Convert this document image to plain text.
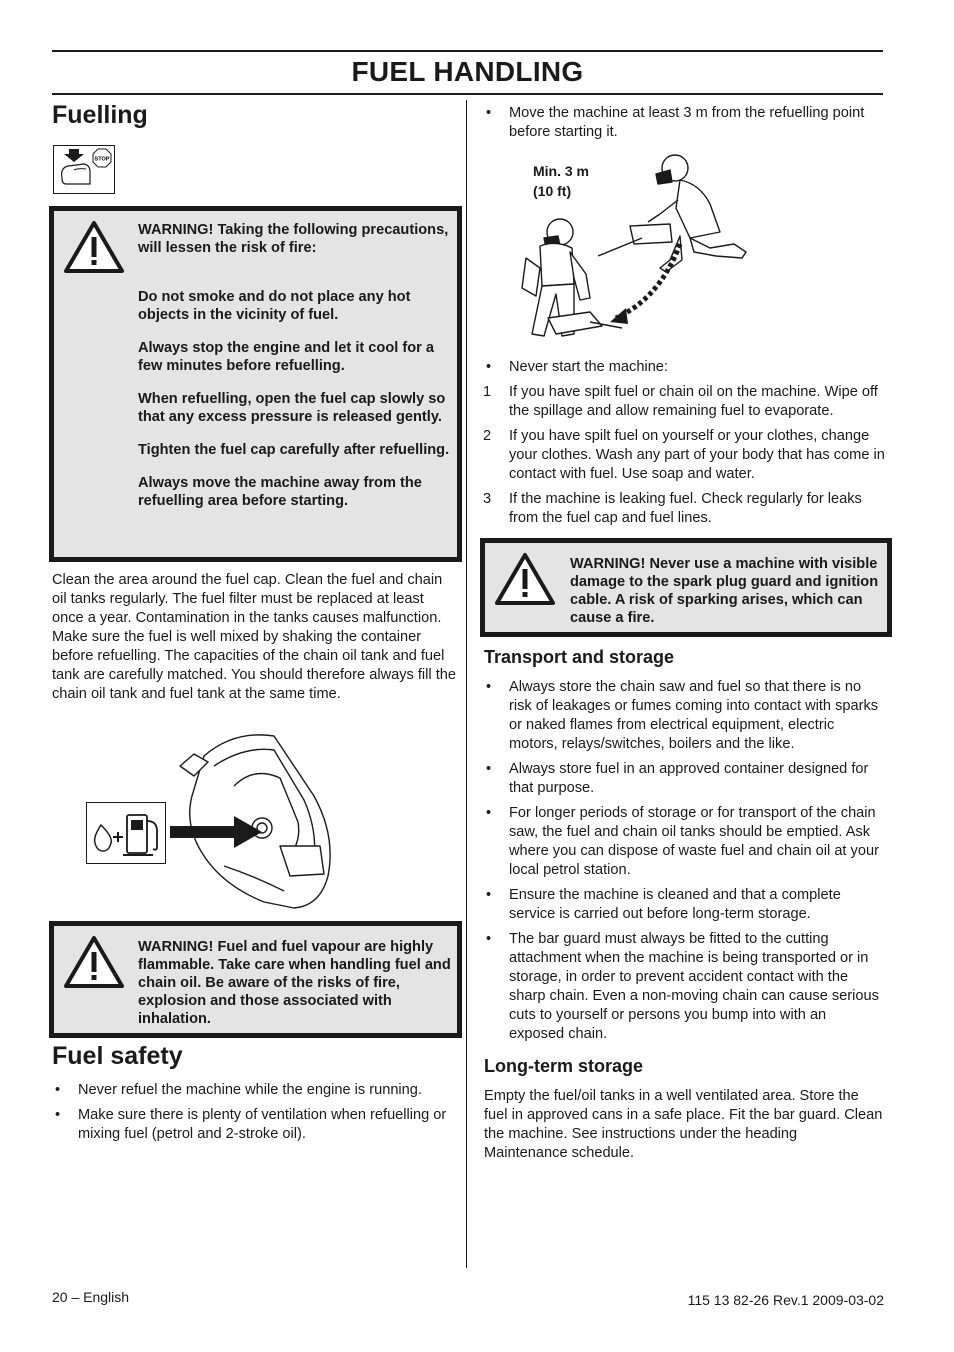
FUEL HANDLING
Fuelling
STOP

WARNING! Taking the following precautions, will lessen the risk of fire:

Do not smoke and do not place any hot objects in the vicinity of fuel.

Always stop the engine and let it cool for a few minutes before refuelling.

When refuelling, open the fuel cap slowly so that any excess pressure is released gently.

Tighten the fuel cap carefully after refuelling.

Always move the machine away from the refuelling area before starting.

Clean the area around the fuel cap. Clean the fuel and chain oil tanks regularly. The fuel filter must be replaced at least once a year. Contamination in the tanks causes malfunction. Make sure the fuel is well mixed by shaking the container before refuelling. The capacities of the chain oil tank and fuel tank are carefully matched. You should therefore always fill the chain oil tank and fuel tank at the same time.

WARNING! Fuel and fuel vapour are highly flammable. Take care when handling fuel and chain oil. Be aware of the risks of fire, explosion and those associated with inhalation.

Fuel safety
• Never refuel the machine while the engine is running.
• Make sure there is plenty of ventilation when refuelling or mixing fuel (petrol and 2-stroke oil).
• Move the machine at least 3 m from the refuelling point before starting it.
Min. 3 m
(10 ft)
• Never start the machine:
1 If you have spilt fuel or chain oil on the machine. Wipe off the spillage and allow remaining fuel to evaporate.
2 If you have spilt fuel on yourself or your clothes, change your clothes. Wash any part of your body that has come in contact with fuel. Use soap and water.
3 If the machine is leaking fuel. Check regularly for leaks from the fuel cap and fuel lines.

WARNING! Never use a machine with visible damage to the spark plug guard and ignition cable. A risk of sparking arises, which can cause a fire.

Transport and storage
• Always store the chain saw and fuel so that there is no risk of leakages or fumes coming into contact with sparks or naked flames from electrical equipment, electric motors, relays/switches, boilers and the like.
• Always store fuel in an approved container designed for that purpose.
• For longer periods of storage or for transport of the chain saw, the fuel and chain oil tanks should be emptied. Ask where you can dispose of waste fuel and chain oil at your local petrol station.
• Ensure the machine is cleaned and that a complete service is carried out before long-term storage.
• The bar guard must always be fitted to the cutting attachment when the machine is being transported or in storage, in order to prevent accident contact with the sharp chain. Even a non-moving chain can cause serious cuts to yourself or persons you bump into with an exposed chain.
Long-term storage

Empty the fuel/oil tanks in a well ventilated area. Store the fuel in approved cans in a safe place. Fit the bar guard. Clean the machine. See instructions under the heading Maintenance schedule.

20 – English	115 13 82-26 Rev.1 2009-03-02
